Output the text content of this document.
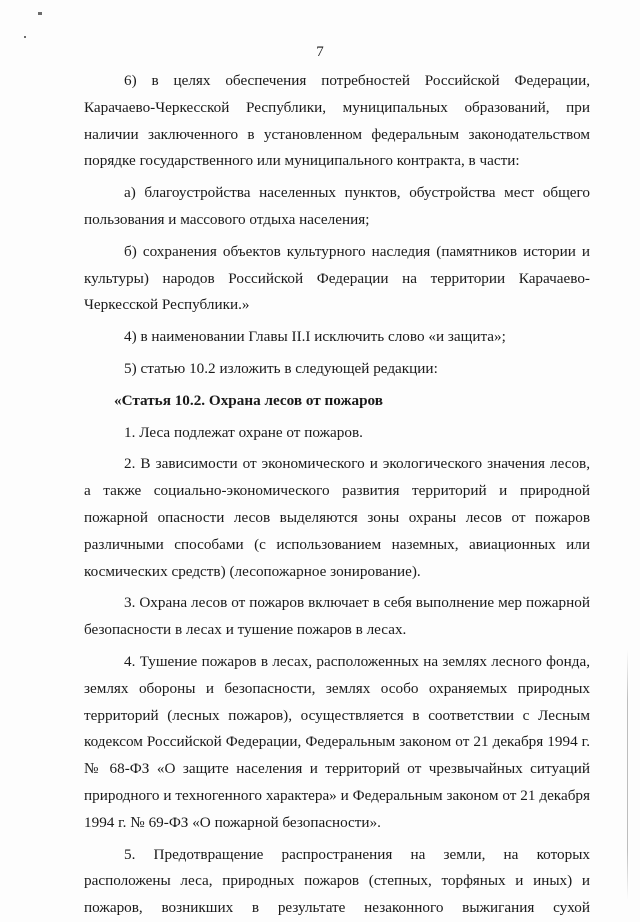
7

6) в целях обеспечения потребностей Российской Федерации, Карачаево-Черкесской Республики, муниципальных образований, при наличии заключенного в установленном федеральным законодательством порядке государственного или муниципального контракта, в части:

а) благоустройства населенных пунктов, обустройства мест общего пользования и массового отдыха населения;

б) сохранения объектов культурного наследия (памятников истории и культуры) народов Российской Федерации на территории Карачаево-Черкесской Республики.»

4) в наименовании Главы II.I исключить слово «и защита»;

5) статью 10.2 изложить в следующей редакции:

«Статья 10.2. Охрана лесов от пожаров

1. Леса подлежат охране от пожаров.

2. В зависимости от экономического и экологического значения лесов, а также социально-экономического развития территорий и природной пожарной опасности лесов выделяются зоны охраны лесов от пожаров различными способами (с использованием наземных, авиационных или космических средств) (лесопожарное зонирование).

3. Охрана лесов от пожаров включает в себя выполнение мер пожарной безопасности в лесах и тушение пожаров в лесах.

4. Тушение пожаров в лесах, расположенных на землях лесного фонда, землях обороны и безопасности, землях особо охраняемых природных территорий (лесных пожаров), осуществляется в соответствии с Лесным кодексом Российской Федерации, Федеральным законом от 21 декабря 1994 г. № 68-ФЗ «О защите населения и территорий от чрезвычайных ситуаций природного и техногенного характера» и Федеральным законом от 21 декабря 1994 г. № 69-ФЗ «О пожарной безопасности».

5. Предотвращение распространения на земли, на которых расположены леса, природных пожаров (степных, торфяных и иных) и пожаров, возникших в результате незаконного выжигания сухой
